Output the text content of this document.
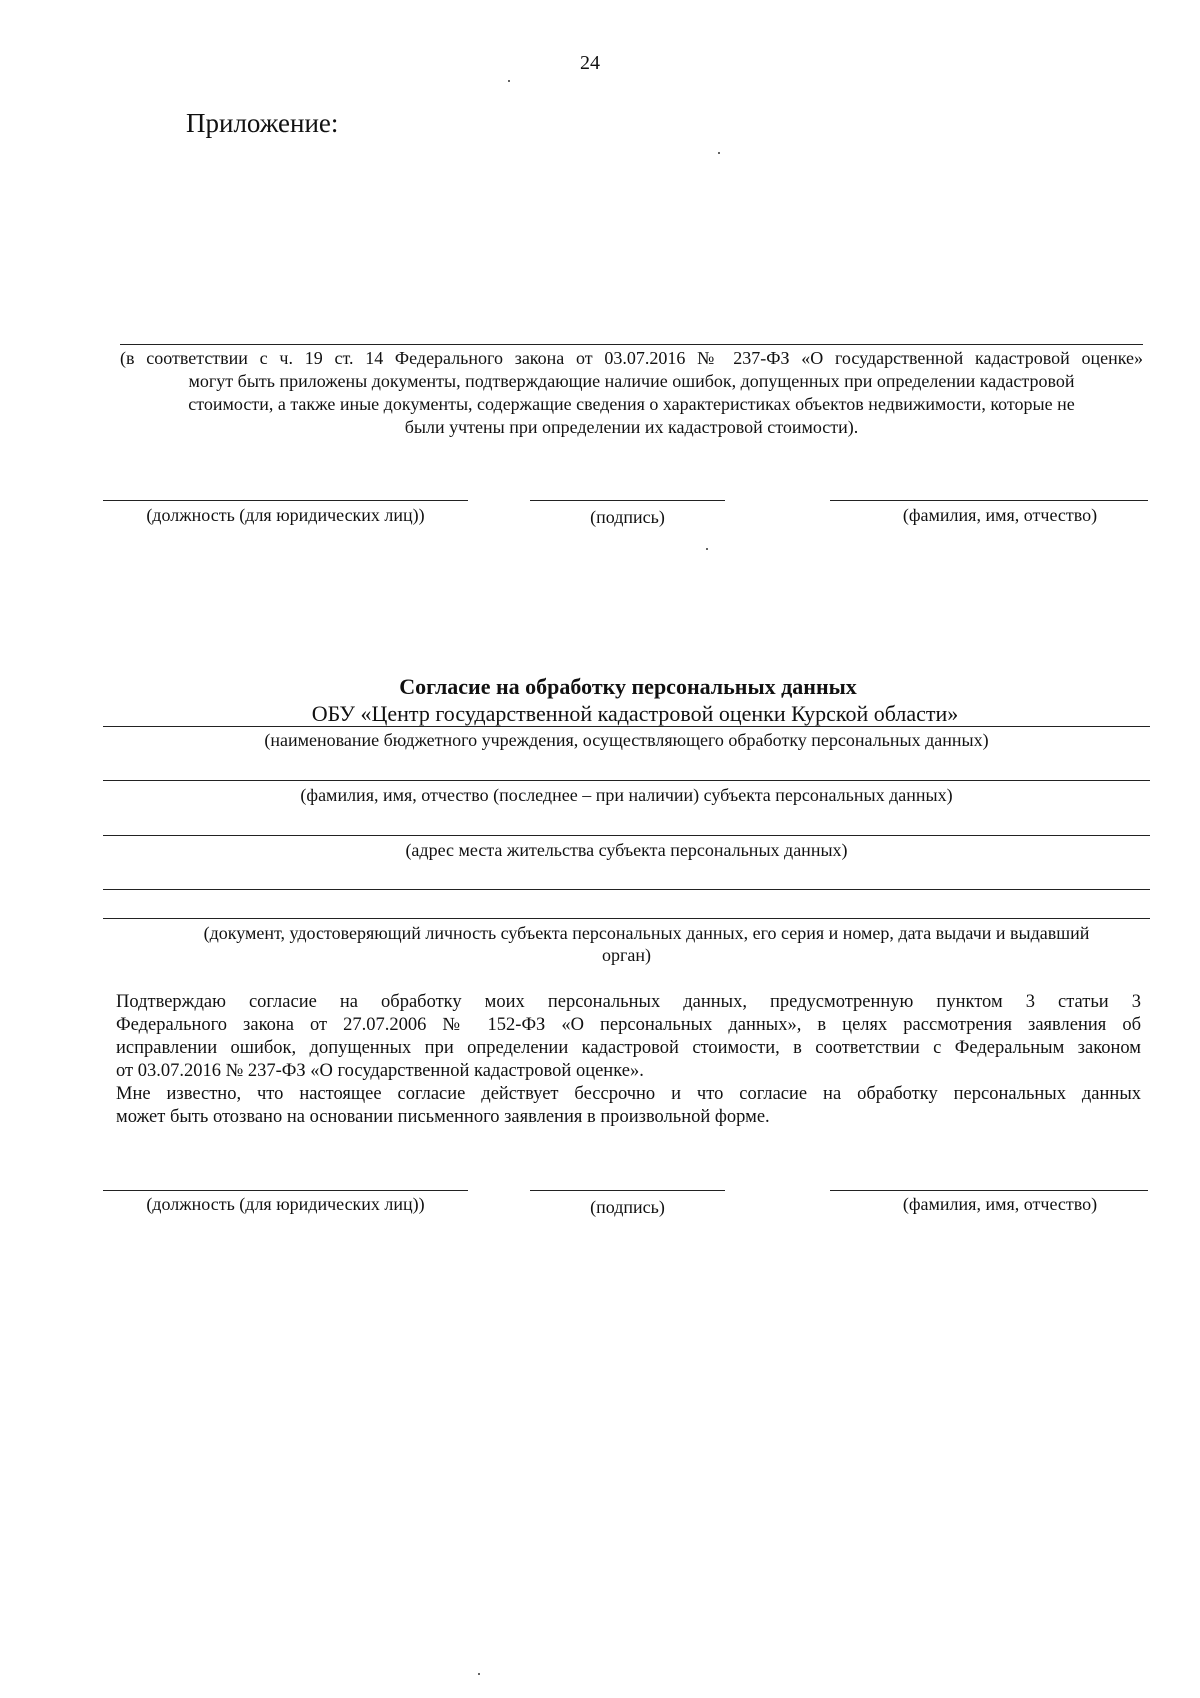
24
Приложение:
(в соответствии с ч. 19 ст. 14 Федерального закона от 03.07.2016 № 237-ФЗ «О государственной кадастровой оценке»
могут быть приложены документы, подтверждающие наличие ошибок, допущенных при определении кадастровой
стоимости, а также иные документы, содержащие сведения о характеристиках объектов недвижимости, которые не
были учтены при определении их кадастровой стоимости).
(должность (для юридических лиц))	(подпись)	(фамилия, имя, отчество)
Согласие на обработку персональных данных
ОБУ «Центр государственной кадастровой оценки Курской области»
(наименование бюджетного учреждения, осуществляющего обработку персональных данных)
(фамилия, имя, отчество (последнее – при наличии) субъекта персональных данных)
(адрес места жительства субъекта персональных данных)
(документ, удостоверяющий личность субъекта персональных данных, его серия и номер, дата выдачи и выдавший
орган)
Подтверждаю согласие на обработку моих персональных данных, предусмотренную пунктом 3 статьи 3
Федерального закона от 27.07.2006 № 152-ФЗ «О персональных данных», в целях рассмотрения заявления об
исправлении ошибок, допущенных при определении кадастровой стоимости, в соответствии с Федеральным законом
от 03.07.2016 № 237-ФЗ «О государственной кадастровой оценке».
Мне известно, что настоящее согласие действует бессрочно и что согласие на обработку персональных данных
может быть отозвано на основании письменного заявления в произвольной форме.
(должность (для юридических лиц))	(подпись)	(фамилия, имя, отчество)
